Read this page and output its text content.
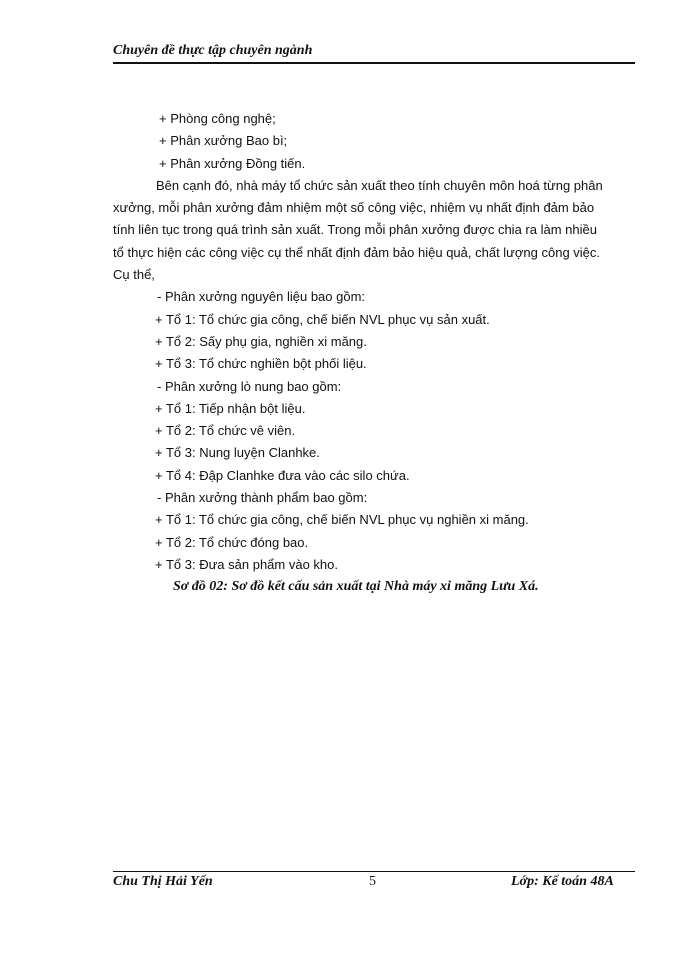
Chuyên đề thực tập chuyên ngành
+ Phòng công nghệ;
+ Phân xưởng Bao bì;
+ Phân xưởng Đồng tiến.
Bên cạnh đó, nhà máy tổ chức sản xuất theo tính chuyên môn hoá từng phân
xưởng, mỗi phân xưởng đảm nhiệm một số công việc, nhiệm vụ nhất định đảm bảo
tính liên tục trong quá trình sản xuất. Trong mỗi phân xưởng được chia ra làm nhiều
tổ thực hiện các công việc cụ thể nhất định đảm bảo hiệu quả, chất lượng công việc.
Cụ thể,
- Phân xưởng nguyên liệu bao gồm:
+ Tổ 1: Tổ chức gia công, chế biến NVL phục vụ sản xuất.
+ Tổ 2: Sấy phụ gia, nghiền xi măng.
+ Tổ 3: Tổ chức nghiền bột phối liệu.
- Phân xưởng lò nung bao gồm:
+ Tổ 1: Tiếp nhận bột liệu.
+ Tổ 2: Tổ chức vê viên.
+ Tổ 3: Nung luyện Clanhke.
+ Tổ 4: Đập Clanhke đưa vào các silo chứa.
- Phân xưởng thành phẩm bao gồm:
+ Tổ 1: Tổ chức gia công, chế biến NVL phục vụ nghiền xi măng.
+ Tổ 2: Tổ chức đóng bao.
+ Tổ 3: Đưa sản phẩm vào kho.
Sơ đồ 02: Sơ đồ kết cấu sản xuất tại Nhà máy xi măng Lưu Xá.
Chu Thị Hải Yến	5	Lớp: Kế toán 48A
